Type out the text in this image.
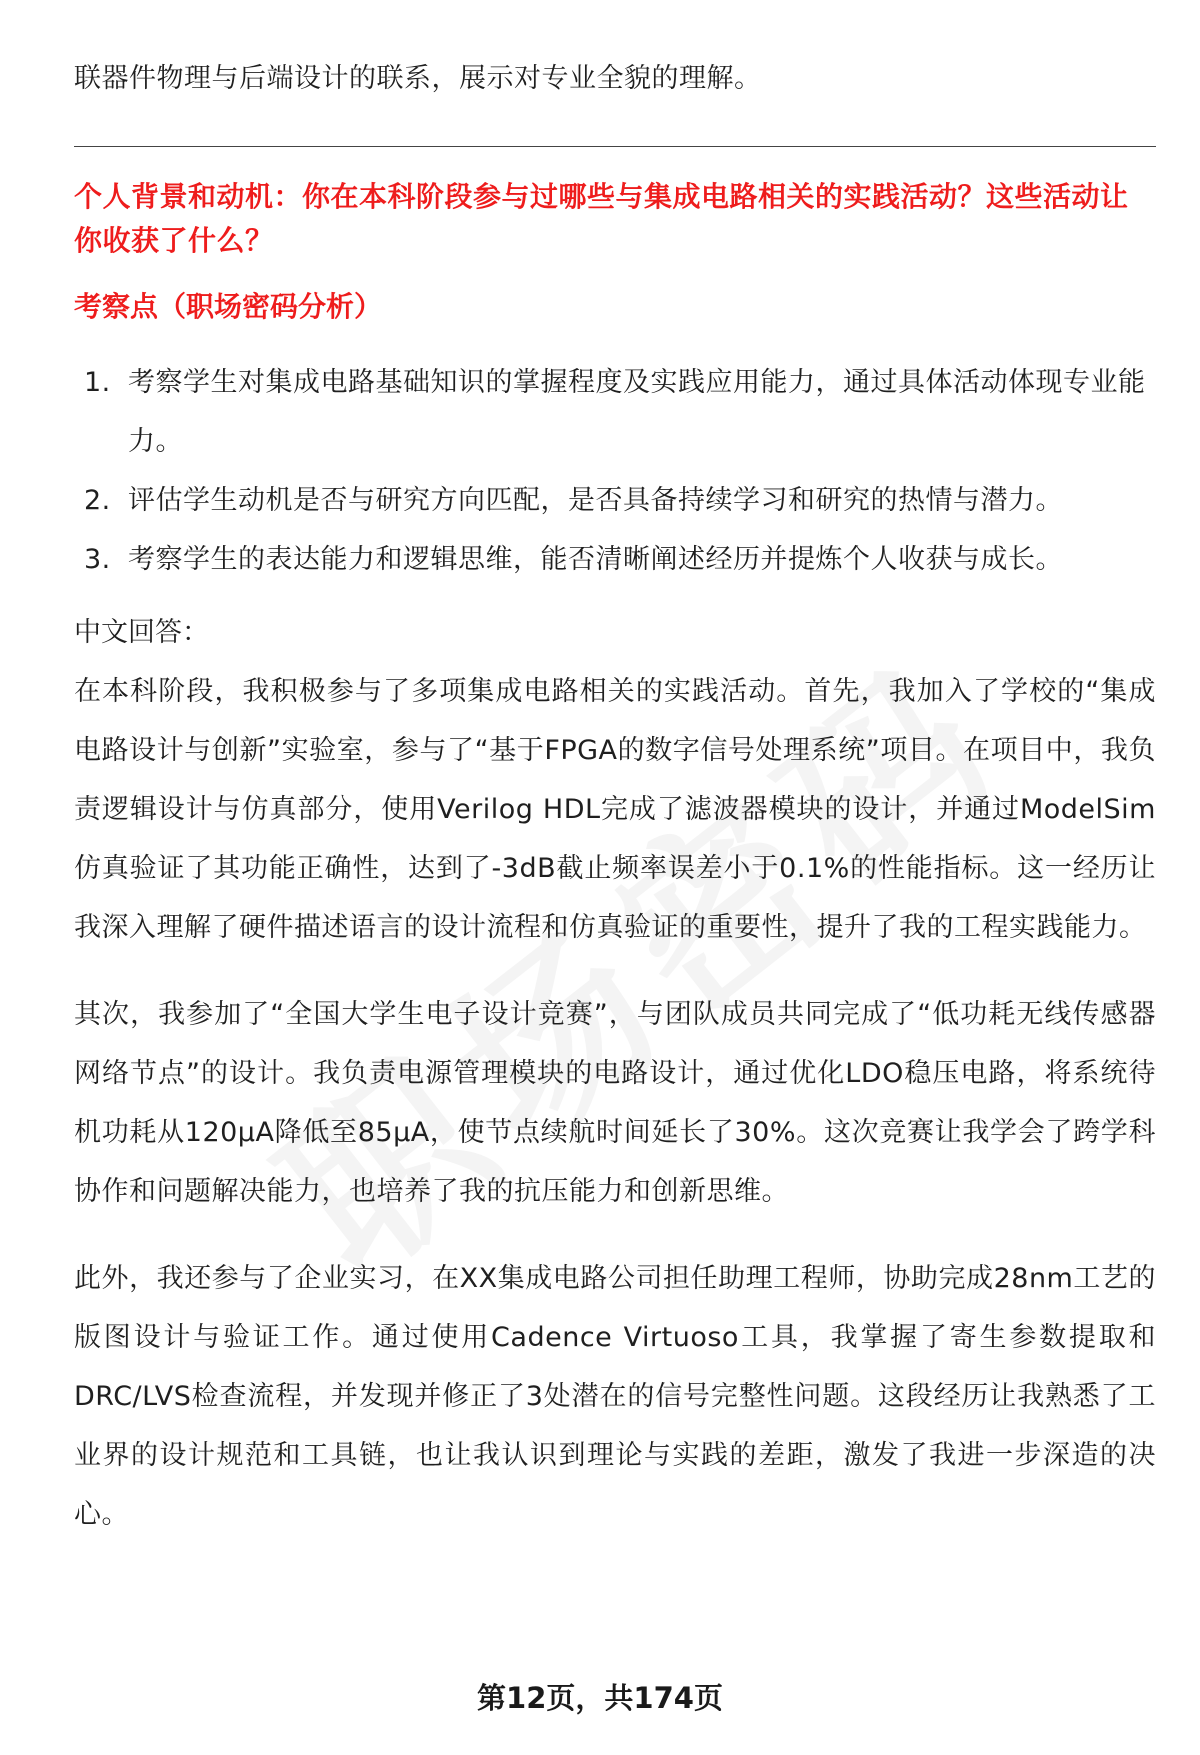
联器件物理与后端设计的联系，展示对专业全貌的理解。

个人背景和动机：你在本科阶段参与过哪些与集成电路相关的实践活动？这些活动让你收获了什么？

考察点（职场密码分析）

1. 考察学生对集成电路基础知识的掌握程度及实践应用能力，通过具体活动体现专业能力。
2. 评估学生动机是否与研究方向匹配，是否具备持续学习和研究的热情与潜力。
3. 考察学生的表达能力和逻辑思维，能否清晰阐述经历并提炼个人收获与成长。

中文回答：

在本科阶段，我积极参与了多项集成电路相关的实践活动。首先，我加入了学校的“集成电路设计与创新”实验室，参与了“基于FPGA的数字信号处理系统”项目。在项目中，我负责逻辑设计与仿真部分，使用Verilog HDL完成了滤波器模块的设计，并通过ModelSim仿真验证了其功能正确性，达到了-3dB截止频率误差小于0.1%的性能指标。这一经历让我深入理解了硬件描述语言的设计流程和仿真验证的重要性，提升了我的工程实践能力。

其次，我参加了“全国大学生电子设计竞赛”，与团队成员共同完成了“低功耗无线传感器网络节点”的设计。我负责电源管理模块的电路设计，通过优化LDO稳压电路，将系统待机功耗从120μA降低至85μA，使节点续航时间延长了30%。这次竞赛让我学会了跨学科协作和问题解决能力，也培养了我的抗压能力和创新思维。

此外，我还参与了企业实习，在XX集成电路公司担任助理工程师，协助完成28nm工艺的版图设计与验证工作。通过使用Cadence Virtuoso工具，我掌握了寄生参数提取和DRC/LVS检查流程，并发现并修正了3处潜在的信号完整性问题。这段经历让我熟悉了工业界的设计规范和工具链，也让我认识到理论与实践的差距，激发了我进一步深造的决心。

第12页，共174页
